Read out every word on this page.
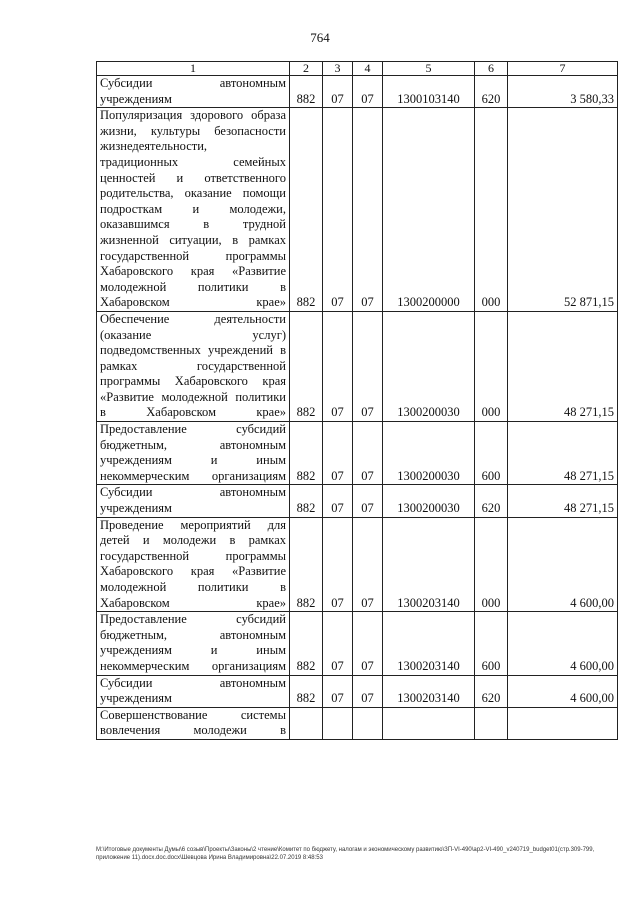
764
1	2	3	4	5	6	7
Субсидии автономным учреждениям	882	07	07	1300103140	620	3 580,33
Популяризация здорового образа жизни, культуры безопасности жизнедеятельности, традиционных семейных ценностей и ответственного родительства, оказание помощи подросткам и молодежи, оказавшимся в трудной жизненной ситуации, в рамках государственной программы Хабаровского края «Развитие молодежной политики в Хабаровском крае»	882	07	07	1300200000	000	52 871,15
Обеспечение деятельности (оказание услуг) подведомственных учреждений в рамках государственной программы Хабаровского края «Развитие молодежной политики в Хабаровском крае»	882	07	07	1300200030	000	48 271,15
Предоставление субсидий бюджетным, автономным учреждениям и иным некоммерческим организациям	882	07	07	1300200030	600	48 271,15
Субсидии автономным учреждениям	882	07	07	1300200030	620	48 271,15
Проведение мероприятий для детей и молодежи в рамках государственной программы Хабаровского края «Развитие молодежной политики в Хабаровском крае»	882	07	07	1300203140	000	4 600,00
Предоставление субсидий бюджетным, автономным учреждениям и иным некоммерческим организациям	882	07	07	1300203140	600	4 600,00
Субсидии автономным учреждениям	882	07	07	1300203140	620	4 600,00
Совершенствование системы вовлечения молодежи в						
M:\Итоговые документы Думы\6 созыв\Проекты\Законы\2 чтение\Комитет по бюджету, налогам и экономическому развитию\ЗП-VI-490\ap2-VI-490_v240719_budget01(стр.309-799, приложение 11).docx.doc.docx\Шевцова Ирина Владимировна\22.07.2019 8:48:53
